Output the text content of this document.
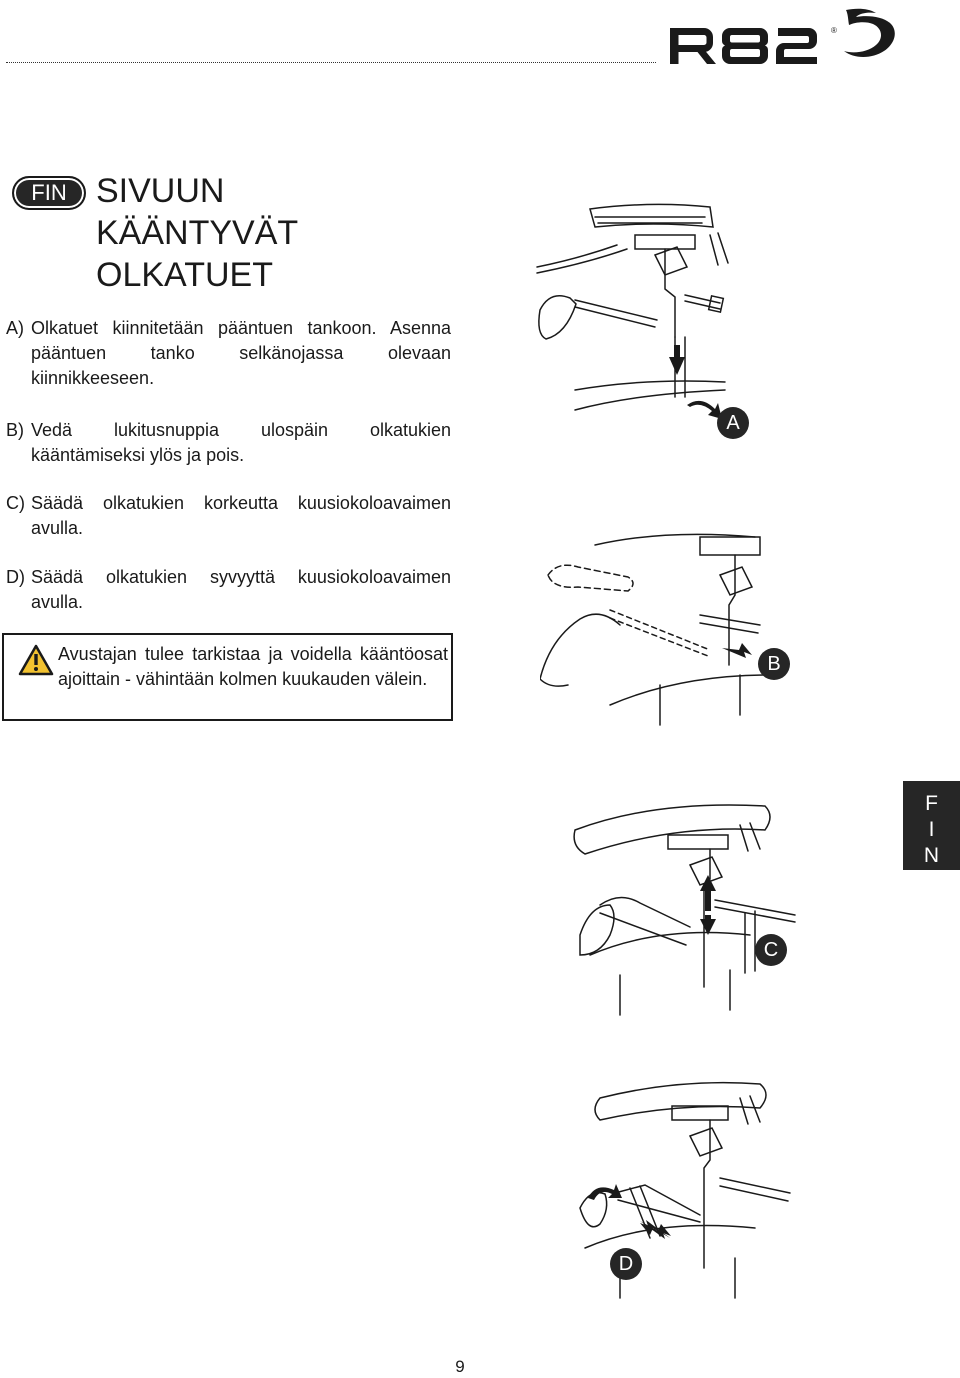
®
FIN SIVUUN
KÄÄNTYVÄT
OLKATUET
A) Olkatuet kiinnitetään pääntuen tankoon. Asenna pääntuen tanko selkänojassa olevaan kiinnikkeeseen.
B) Vedä lukitusnuppia ulospäin olkatukien kääntämiseksi ylös ja pois.
C) Säädä olkatukien korkeutta kuusiokoloavaimen avulla.
D) Säädä olkatukien syvyyttä kuusiokoloavaimen avulla.
Avustajan tulee tarkistaa ja voidella kääntöosat ajoittain - vähintään kolmen kuukauden välein.
F
I
N
A
B
C
D
9
